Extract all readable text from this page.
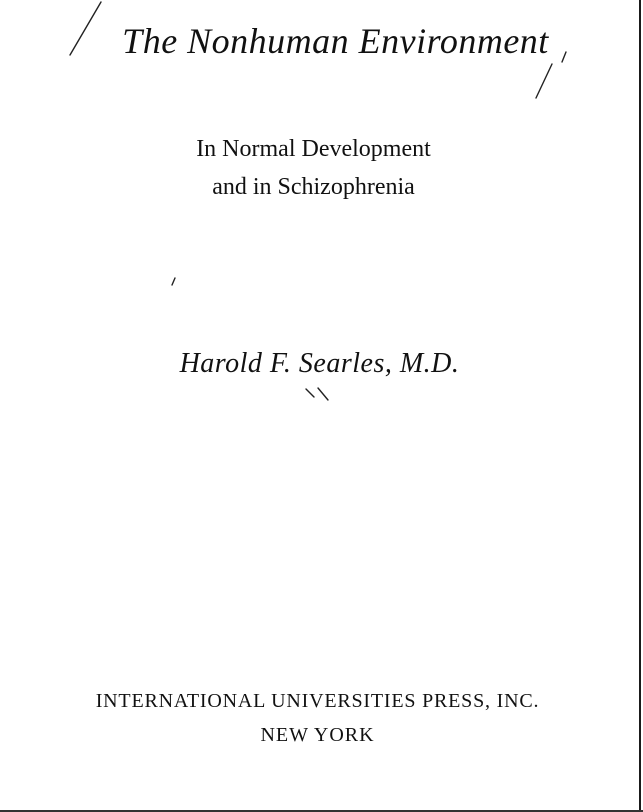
The Nonhuman Environment
In Normal Development
and in Schizophrenia
Harold F. Searles, M.D.
INTERNATIONAL UNIVERSITIES PRESS, INC.
NEW YORK
